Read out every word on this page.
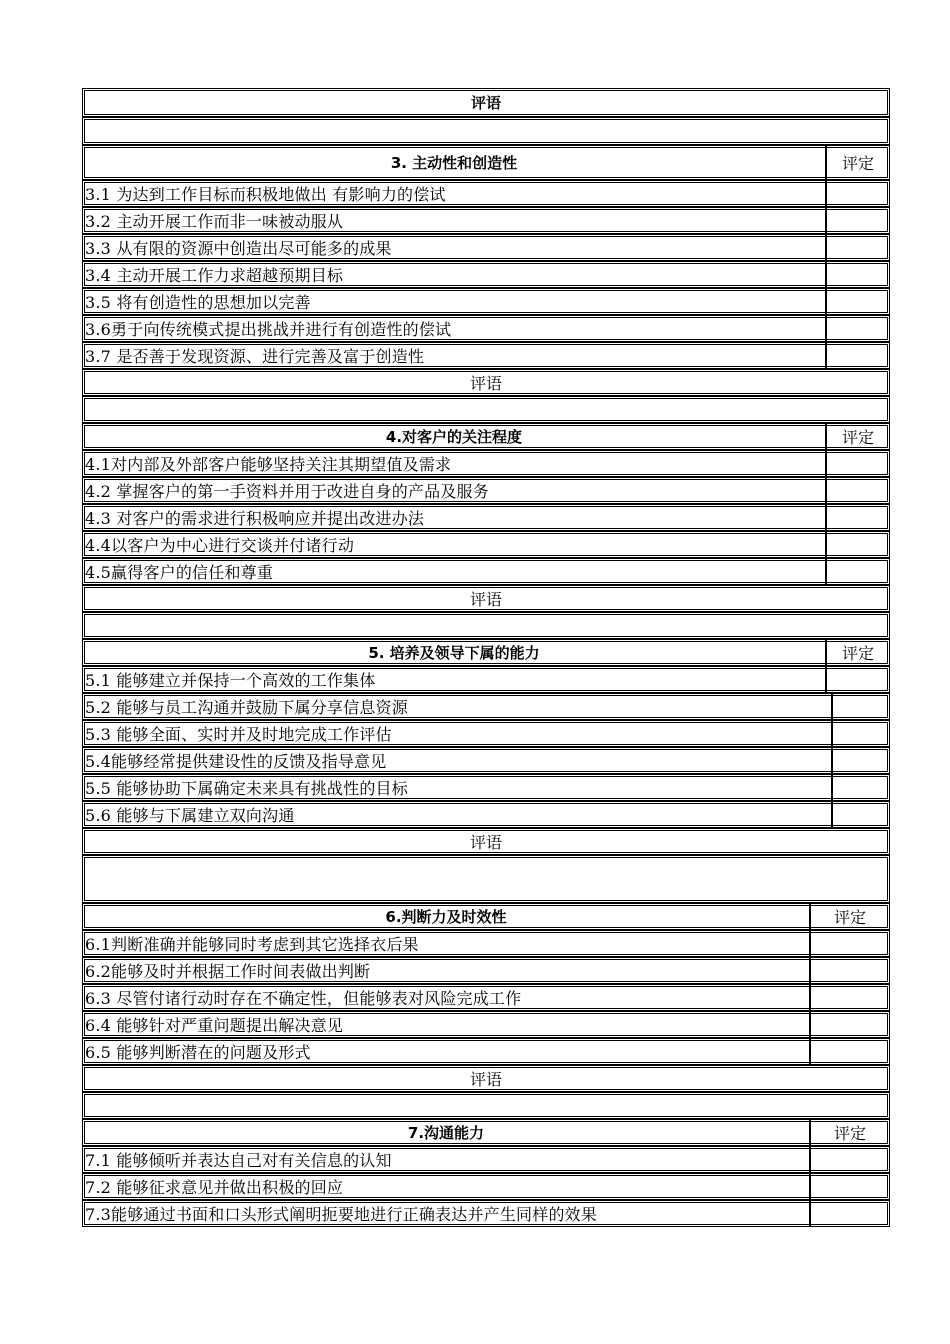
评语
3. 主动性和创造性	评定
3.1 为达到工作目标而积极地做出 有影响力的偿试
3.2 主动开展工作而非一味被动服从
3.3 从有限的资源中创造出尽可能多的成果
3.4 主动开展工作力求超越预期目标
3.5 将有创造性的思想加以完善
3.6勇于向传统模式提出挑战并进行有创造性的偿试
3.7 是否善于发现资源、进行完善及富于创造性
评语
4.对客户的关注程度	评定
4.1对内部及外部客户能够坚持关注其期望值及需求
4.2 掌握客户的第一手资料并用于改进自身的产品及服务
4.3 对客户的需求进行积极响应并提出改进办法
4.4以客户为中心进行交谈并付诸行动
4.5赢得客户的信任和尊重
评语
5. 培养及领导下属的能力	评定
5.1 能够建立并保持一个高效的工作集体
5.2 能够与员工沟通并鼓励下属分享信息资源
5.3 能够全面、实时并及时地完成工作评估
5.4能够经常提供建设性的反馈及指导意见
5.5 能够协助下属确定未来具有挑战性的目标
5.6 能够与下属建立双向沟通
评语
6.判断力及时效性	评定
6.1判断准确并能够同时考虑到其它选择衣后果
6.2能够及时并根据工作时间表做出判断
6.3 尽管付诸行动时存在不确定性，但能够表对风险完成工作
6.4 能够针对严重问题提出解决意见
6.5 能够判断潜在的问题及形式
评语
7.沟通能力	评定
7.1 能够倾听并表达自己对有关信息的认知
7.2 能够征求意见并做出积极的回应
7.3能够通过书面和口头形式阐明扼要地进行正确表达并产生同样的效果
